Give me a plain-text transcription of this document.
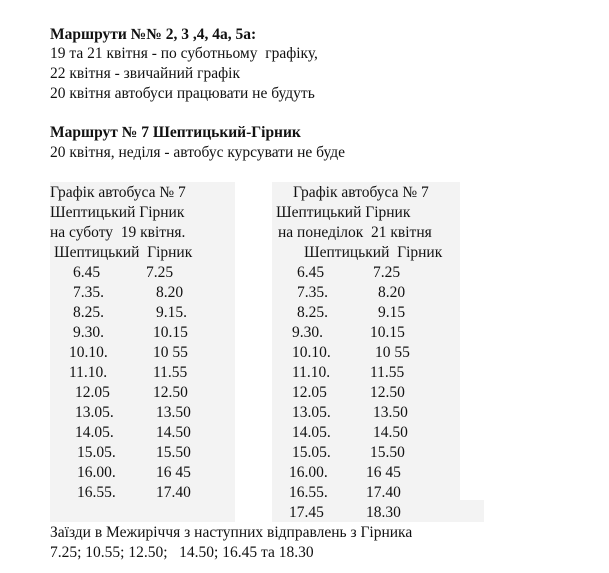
Маршрути №№ 2, 3 ,4, 4а, 5а:
19 та 21 квітня - по суботньому  графіку,
22 квітня - звичайний графік
20 квітня автобуси працювати не будуть
Маршрут № 7 Шептицький-Гірник
20 квітня, неділя - автобус курсувати не буде
Графік автобуса № 7
Шептицький Гірник
на суботу  19 квітня.
Шептицький  Гірник
Графік автобуса № 7
Шептицький Гірник
на понеділок  21 квітня
Шептицький  Гірник
6.45	7.25
7.35.	8.20
8.25.	9.15.
9.30.	10.15
10.10.	10 55
11.10.	11.55
12.05	12.50
13.05.	13.50
14.05.	14.50
15.05.	15.50
16.00.	16 45
16.55.	17.40
6.45	7.25
7.35.	8.20
8.25.	9.15
9.30.	10.15
10.10.	10 55
11.10.	11.55
12.05	12.50
13.05.	13.50
14.05.	14.50
15.05.	15.50
16.00. 16 45
16.55. 17.40
17.45	18.30
Заїзди в Межиріччя з наступних відправлень з Гірника
7.25; 10.55; 12.50;   14.50; 16.45 та 18.30
